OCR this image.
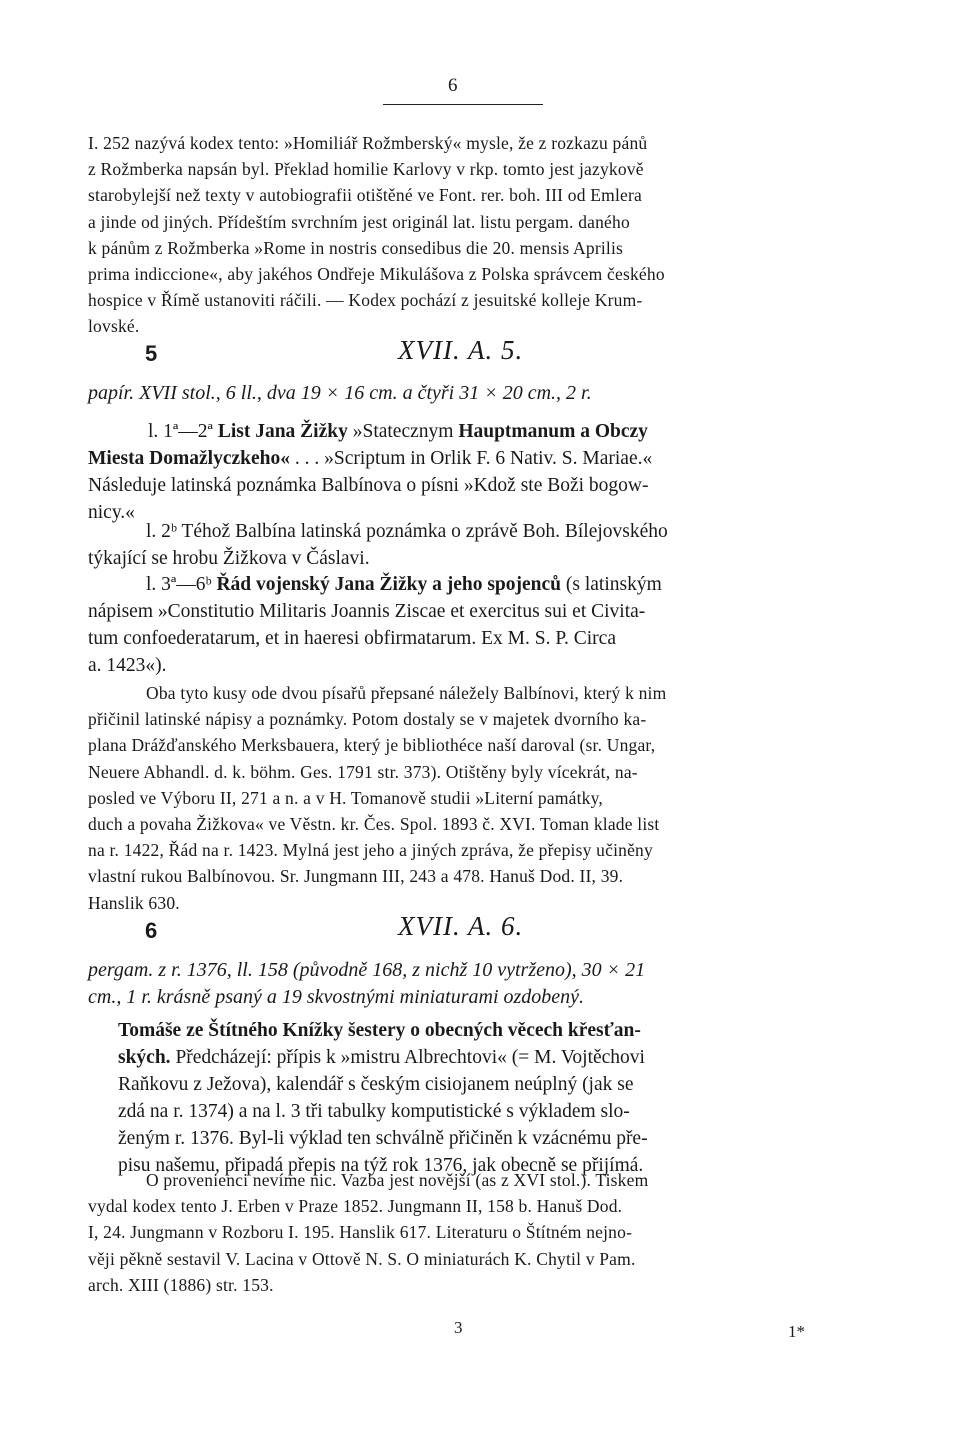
6
I. 252 nazývá kodex tento: »Homiliář Rožmberský« mysle, že z rozkazu pánů
z Rožmberka napsán byl. Překlad homilie Karlovy v rkp. tomto jest jazykově
starobylejší než texty v autobiografii otištěné ve Font. rer. boh. III od Emlera
a jinde od jiných. Přídeštím svrchním jest originál lat. listu pergam. daného
k pánům z Rožmberka »Rome in nostris consedibus die 20. mensis Aprilis
prima indiccione«, aby jakéhos Ondřeje Mikulášova z Polska správcem českého
hospice v Římě ustanoviti ráčili. — Kodex pochází z jesuitské kolleje Krum-
lovské.
5	XVII. A. 5.
papír. XVII stol., 6 ll., dva 19 × 16 cm. a čtyři 31 × 20 cm., 2 r.
l. 1ª—2ª List Jana Žižky »Statecznym Hauptmanum a Obczy
Miesta Domažlyczkeho« . . . »Scriptum in Orlik F. 6 Nativ. S. Mariae.«
Následuje latinská poznámka Balbínova o písni »Kdož ste Boži bogow-
nicy.«
l. 2ᵇ Téhož Balbína latinská poznámka o zprávě Boh. Bílejovského
týkající se hrobu Žižkova v Čáslavi.
l. 3ª—6ᵇ Řád vojenský Jana Žižky a jeho spojenců (s latinským
nápisem »Constitutio Militaris Joannis Ziscae et exercitus sui et Civita-
tum confoederatarum, et in haeresi obfirmatarum. Ex M. S. P. Circa
a. 1423«).
Oba tyto kusy ode dvou písařů přepsané náležely Balbínovi, který k nim
přičinil latinské nápisy a poznámky. Potom dostaly se v majetek dvorního ka-
plana Drážďanského Merksbauera, který je bibliothéce naší daroval (sr. Ungar,
Neuere Abhandl. d. k. böhm. Ges. 1791 str. 373). Otištěny byly vícekrát, na-
posled ve Výboru II, 271 a n. a v H. Tomanově studii »Literní památky,
duch a povaha Žižkova« ve Věstn. kr. Čes. Spol. 1893 č. XVI. Toman klade list
na r. 1422, Řád na r. 1423. Mylná jest jeho a jiných zpráva, že přepisy učiněny
vlastní rukou Balbínovou. Sr. Jungmann III, 243 a 478. Hanuš Dod. II, 39.
Hanslik 630.
6	XVII. A. 6.
pergam. z r. 1376, ll. 158 (původně 168, z nichž 10 vytrženo), 30 × 21
cm., 1 r. krásně psaný a 19 skvostnými miniaturami ozdobený.
Tomáše ze Štítného Knížky šestery o obecných věcech křesťan-
ských. Předcházejí: přípis k »mistru Albrechtovi« (= M. Vojtěchovi
Raňkovu z Ježova), kalendář s českým cisiojanem neúplný (jak se
zdá na r. 1374) a na l. 3 tři tabulky komputistické s výkladem slo-
ženým r. 1376. Byl-li výklad ten schválně přičiněn k vzácnému pře-
pisu našemu, připadá přepis na týž rok 1376, jak obecně se přijímá.
O provenienci nevíme nic. Vazba jest novější (as z XVI stol.). Tiskem
vydal kodex tento J. Erben v Praze 1852. Jungmann II, 158 b. Hanuš Dod.
I, 24. Jungmann v Rozboru I. 195. Hanslik 617. Literaturu o Štítném nejno-
věji pěkně sestavil V. Lacina v Ottově N. S. O miniaturách K. Chytil v Pam.
arch. XIII (1886) str. 153.
3	1*
